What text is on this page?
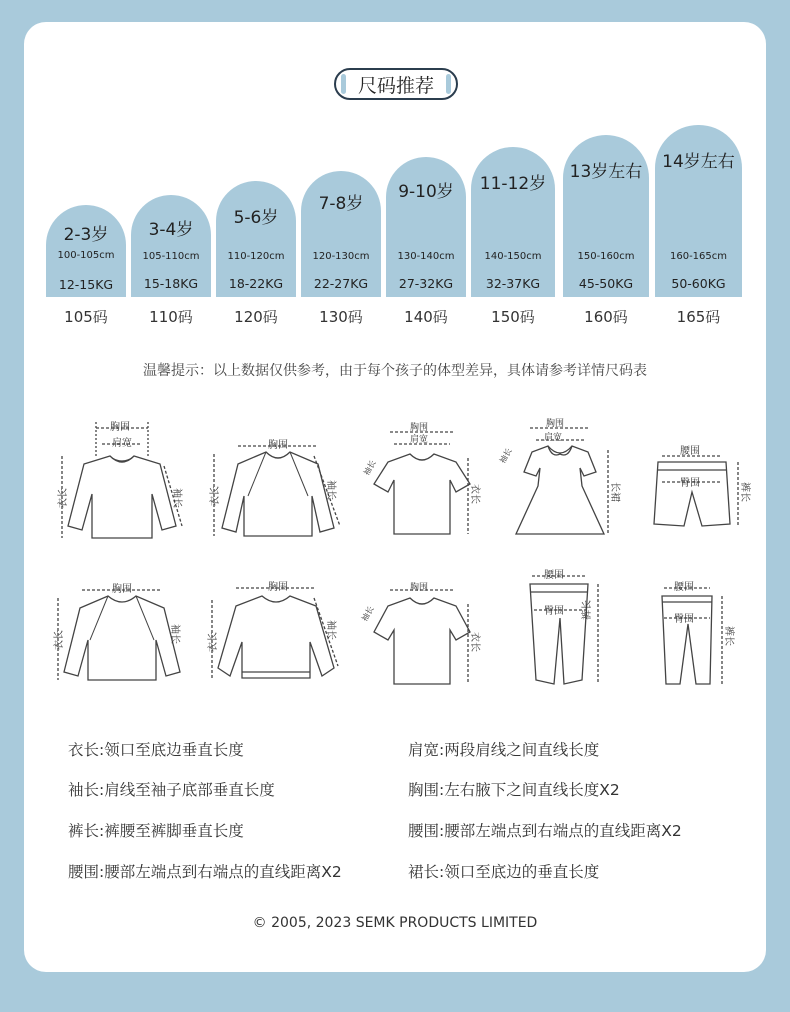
尺码推荐
2-3岁
100-105cm
12-15KG
3-4岁
105-110cm
15-18KG
5-6岁
110-120cm
18-22KG
7-8岁
120-130cm
22-27KG
9-10岁
130-140cm
27-32KG
11-12岁
140-150cm
32-37KG
13岁左右
150-160cm
45-50KG
14岁左右
160-165cm
50-60KG
105码	110码	120码	130码	140码	150码	160码	165码
温馨提示：以上数据仅供参考，由于每个孩子的体型差异，具体请参考详情尺码表
胸围
肩宽
衣长	袖长
胸围
衣长	袖长
胸围
肩宽
袖长
衣长
胸围
肩宽
袖长
长裙
腰围
臀围	裤长
胸围
衣长	袖长
胸围
衣长
袖长
胸围
袖长
衣长
腰围
臀围 裤长
腰围
臀围
裤长
衣长:领口至底边垂直长度	肩宽:两段肩线之间直线长度
袖长:肩线至袖子底部垂直长度	胸围:左右腋下之间直线长度X2
裤长:裤腰至裤脚垂直长度	腰围:腰部左端点到右端点的直线距离X2
腰围:腰部左端点到右端点的直线距离X2	裙长:领口至底边的垂直长度
© 2005, 2023 SEMK PRODUCTS LIMITED
